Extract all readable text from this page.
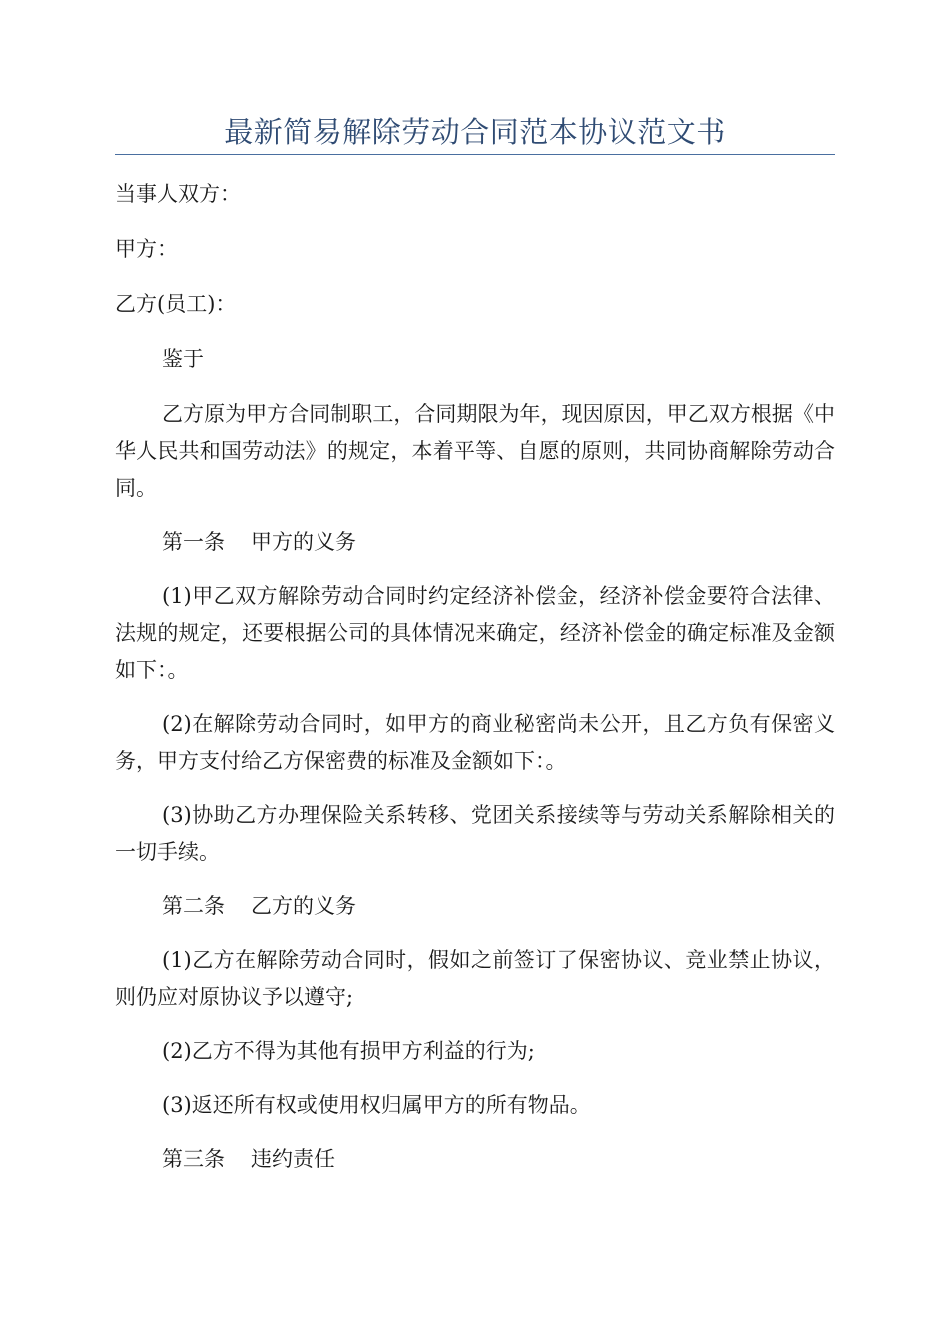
最新简易解除劳动合同范本协议范文书

当事人双方：

甲方：

乙方(员工)：

鉴于

乙方原为甲方合同制职工，合同期限为年，现因原因，甲乙双方根据《中华人民共和国劳动法》的规定，本着平等、自愿的原则，共同协商解除劳动合同。

第一条 甲方的义务

(1)甲乙双方解除劳动合同时约定经济补偿金，经济补偿金要符合法律、法规的规定，还要根据公司的具体情况来确定，经济补偿金的确定标准及金额如下：。

(2)在解除劳动合同时，如甲方的商业秘密尚未公开，且乙方负有保密义务，甲方支付给乙方保密费的标准及金额如下：。

(3)协助乙方办理保险关系转移、党团关系接续等与劳动关系解除相关的一切手续。

第二条 乙方的义务

(1)乙方在解除劳动合同时，假如之前签订了保密协议、竞业禁止协议，则仍应对原协议予以遵守;

(2)乙方不得为其他有损甲方利益的行为;

(3)返还所有权或使用权归属甲方的所有物品。

第三条 违约责任
